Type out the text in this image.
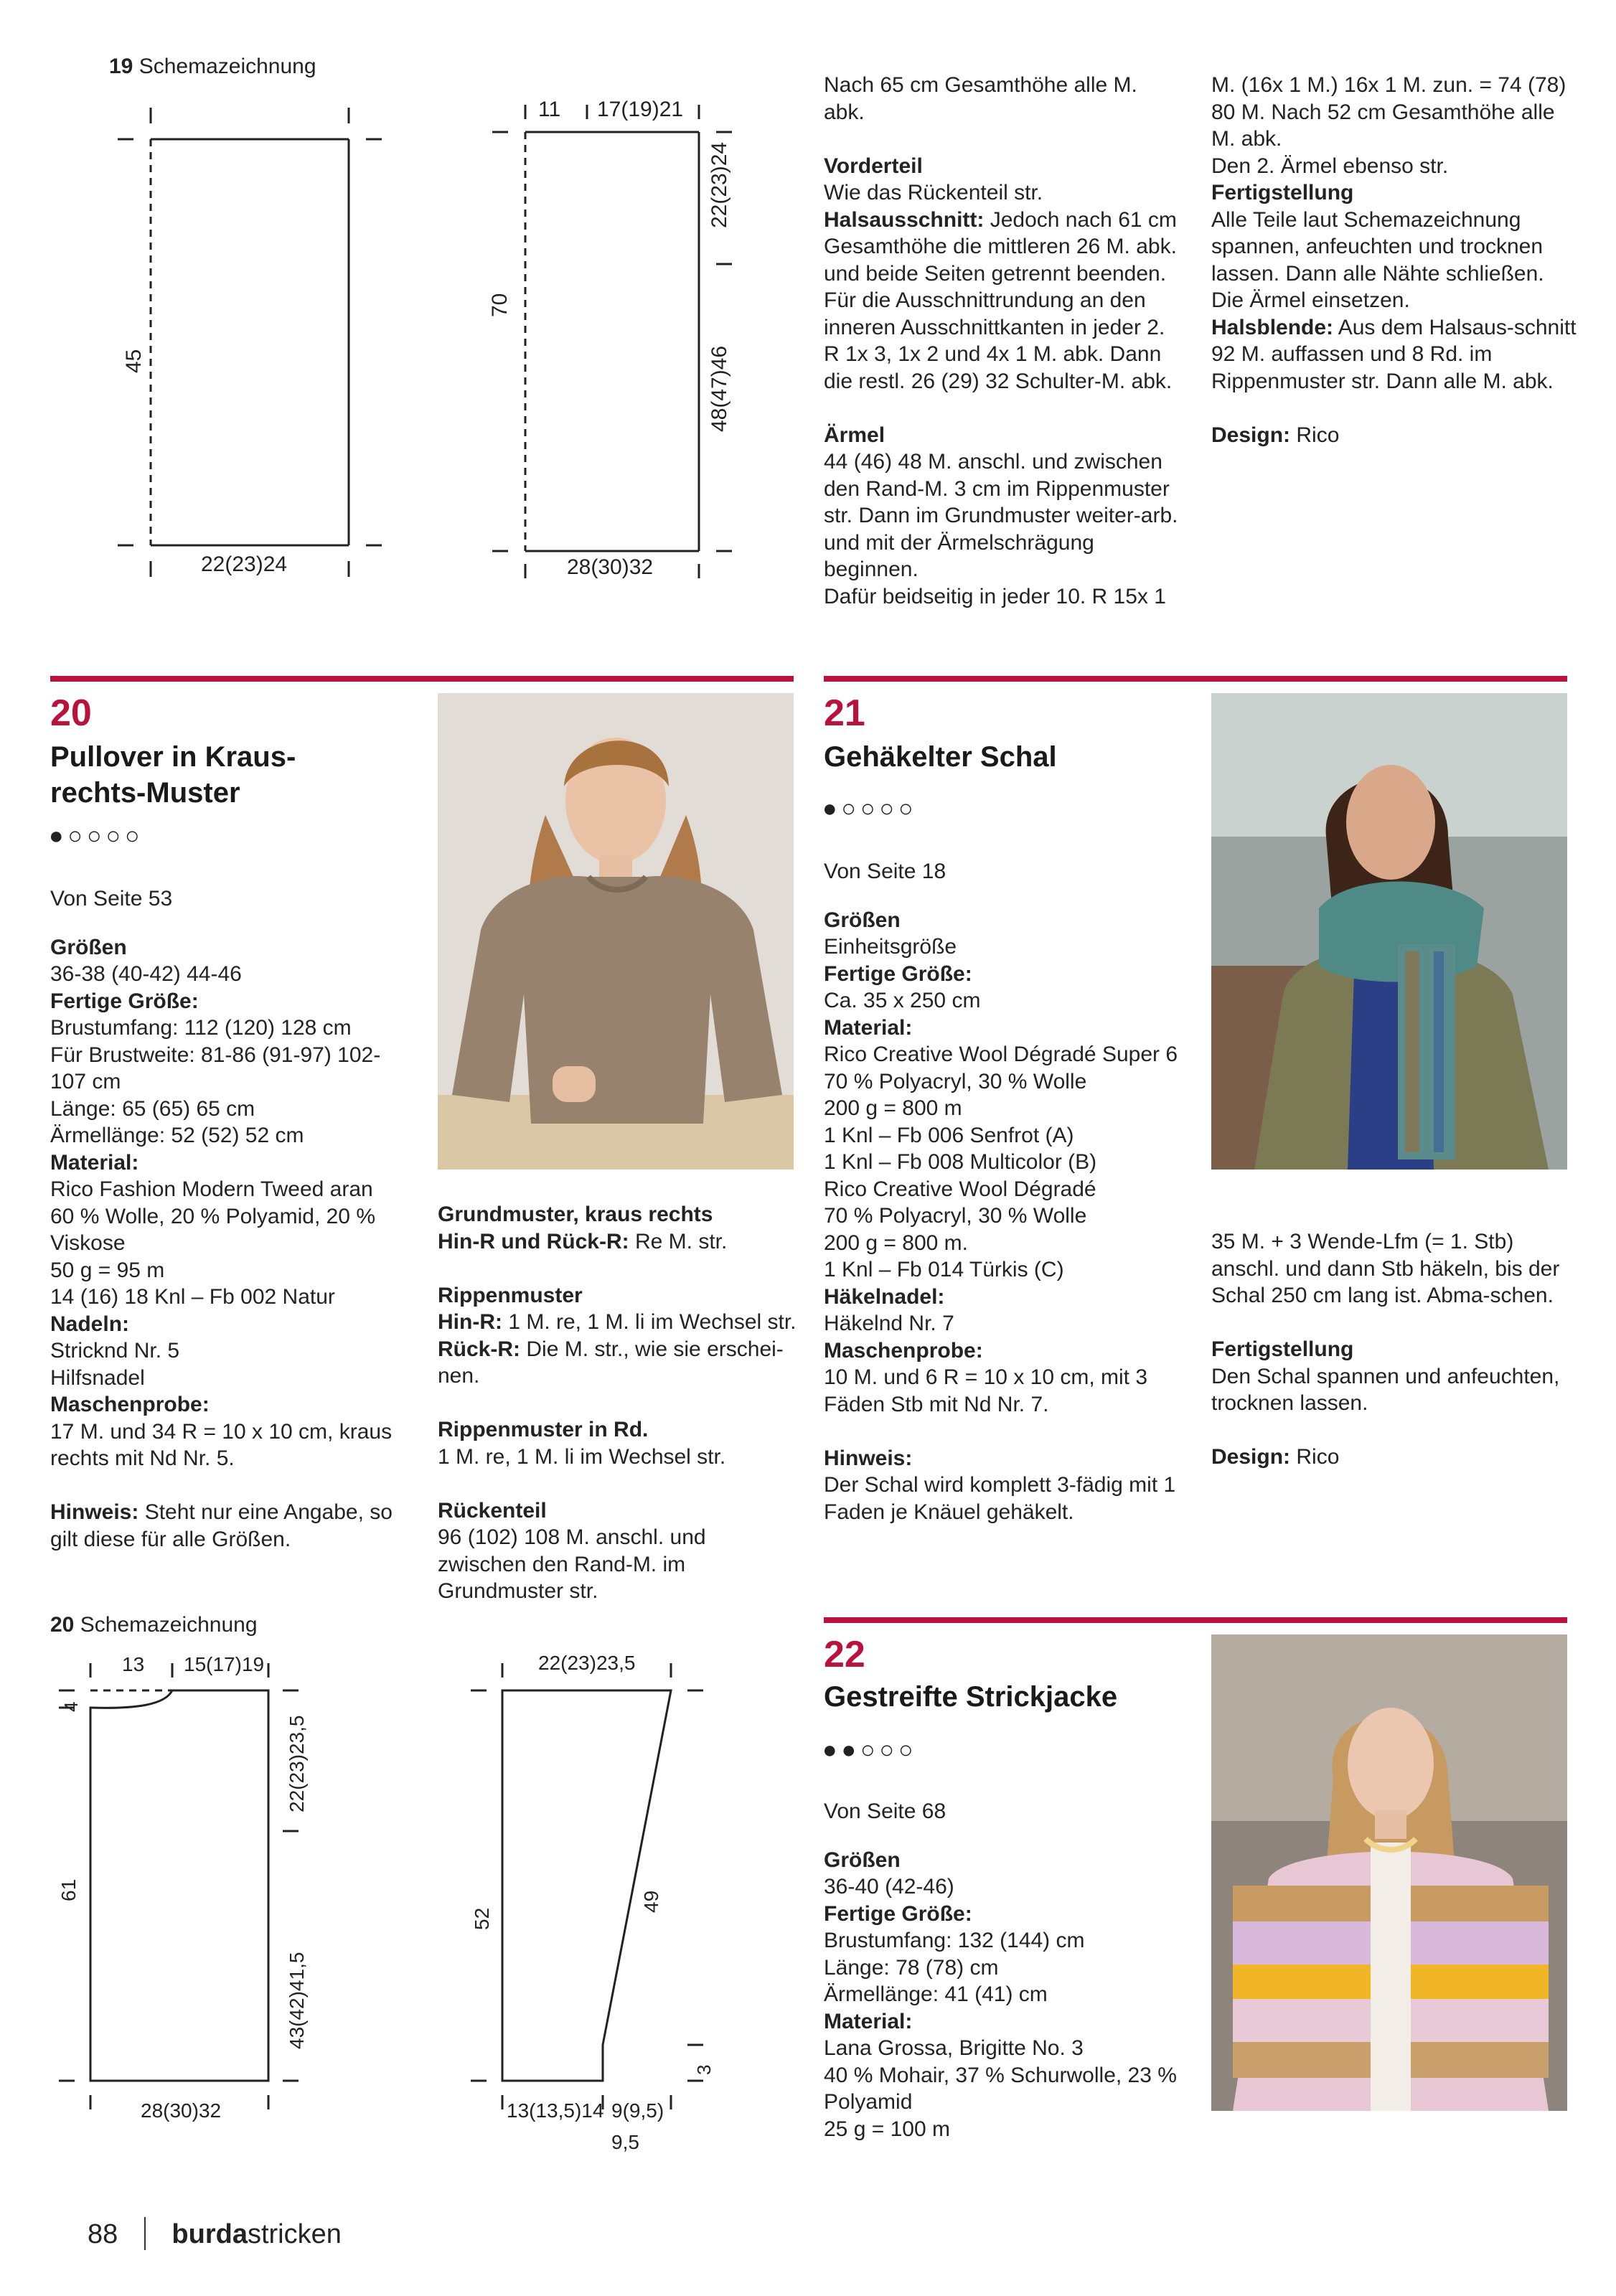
19 Schemazeichnung
45
22(23)24
11 17(19)21
70
22(23)24
48(47)46
28(30)32

Nach 65 cm Gesamthöhe alle M. abk.

Vorderteil

Wie das Rückenteil str.

Halsausschnitt: Jedoch nach 61 cm Gesamthöhe die mittleren 26 M. abk. und beide Seiten getrennt beenden. Für die Ausschnittrundung an den inneren Ausschnittkanten in jeder 2. R 1x 3, 1x 2 und 4x 1 M. abk. Dann die restl. 26 (29) 32 Schulter-M. abk.

Ärmel

44 (46) 48 M. anschl. und zwischen den Rand-M. 3 cm im Rippenmuster str. Dann im Grundmuster weiter-arb. und mit der Ärmelschrägung beginnen.

Dafür beidseitig in jeder 10. R 15x 1

M. (16x 1 M.) 16x 1 M. zun. = 74 (78) 80 M. Nach 52 cm Gesamthöhe alle M. abk.

Den 2. Ärmel ebenso str.

Fertigstellung

Alle Teile laut Schemazeichnung spannen, anfeuchten und trocknen lassen. Dann alle Nähte schließen. Die Ärmel einsetzen.

Halsblende: Aus dem Halsaus-schnitt 92 M. auffassen und 8 Rd. im Rippenmuster str. Dann alle M. abk.

Design: Rico

20
Pullover in Kraus-
rechts-Muster
●○○○○

Von Seite 53

Größen

36-38 (40-42) 44-46

Fertige Größe:

Brustumfang: 112 (120) 128 cm

Für Brustweite: 81-86 (91-97) 102-107 cm

Länge: 65 (65) 65 cm

Ärmellänge: 52 (52) 52 cm

Material:

Rico Fashion Modern Tweed aran

60 % Wolle, 20 % Polyamid, 20 % Viskose

50 g = 95 m

14 (16) 18 Knl – Fb 002 Natur

Nadeln:

Stricknd Nr. 5

Hilfsnadel

Maschenprobe:

17 M. und 34 R = 10 x 10 cm, kraus rechts mit Nd Nr. 5.

Hinweis: Steht nur eine Angabe, so gilt diese für alle Größen.

Grundmuster, kraus rechts

Hin-R und Rück-R: Re M. str.

Rippenmuster

Hin-R: 1 M. re, 1 M. li im Wechsel str.

Rück-R: Die M. str., wie sie erschei-nen.

Rippenmuster in Rd.

1 M. re, 1 M. li im Wechsel str.

Rückenteil

96 (102) 108 M. anschl. und zwischen den Rand-M. im Grundmuster str.

21
Gehäkelter Schal
●○○○○

Von Seite 18

Größen

Einheitsgröße

Fertige Größe:

Ca. 35 x 250 cm

Material:

Rico Creative Wool Dégradé Super 6

70 % Polyacryl, 30 % Wolle

200 g = 800 m

1 Knl – Fb 006 Senfrot (A)

1 Knl – Fb 008 Multicolor (B)

Rico Creative Wool Dégradé

70 % Polyacryl, 30 % Wolle

200 g = 800 m.

1 Knl – Fb 014 Türkis (C)

Häkelnadel:

Häkelnd Nr. 7

Maschenprobe:

10 M. und 6 R = 10 x 10 cm, mit 3 Fäden Stb mit Nd Nr. 7.

Hinweis:

Der Schal wird komplett 3-fädig mit 1 Faden je Knäuel gehäkelt.

35 M. + 3 Wende-Lfm (= 1. Stb) anschl. und dann Stb häkeln, bis der Schal 250 cm lang ist. Abma-schen.

Fertigstellung

Den Schal spannen und anfeuchten, trocknen lassen.

Design: Rico

20 Schemazeichnung
13 15(17)19
4
61
22(23)23,5
43(42)41,5
28(30)32
22(23)23,5
52
49
3
13(13,5)14 9(9,5)
9,5
22
Gestreifte Strickjacke
●●○○○

Von Seite 68

Größen

36-40 (42-46)

Fertige Größe:

Brustumfang: 132 (144) cm

Länge: 78 (78) cm

Ärmellänge: 41 (41) cm

Material:

Lana Grossa, Brigitte No. 3

40 % Mohair, 37 % Schurwolle, 23 % Polyamid

25 g = 100 m

88 burdastricken
